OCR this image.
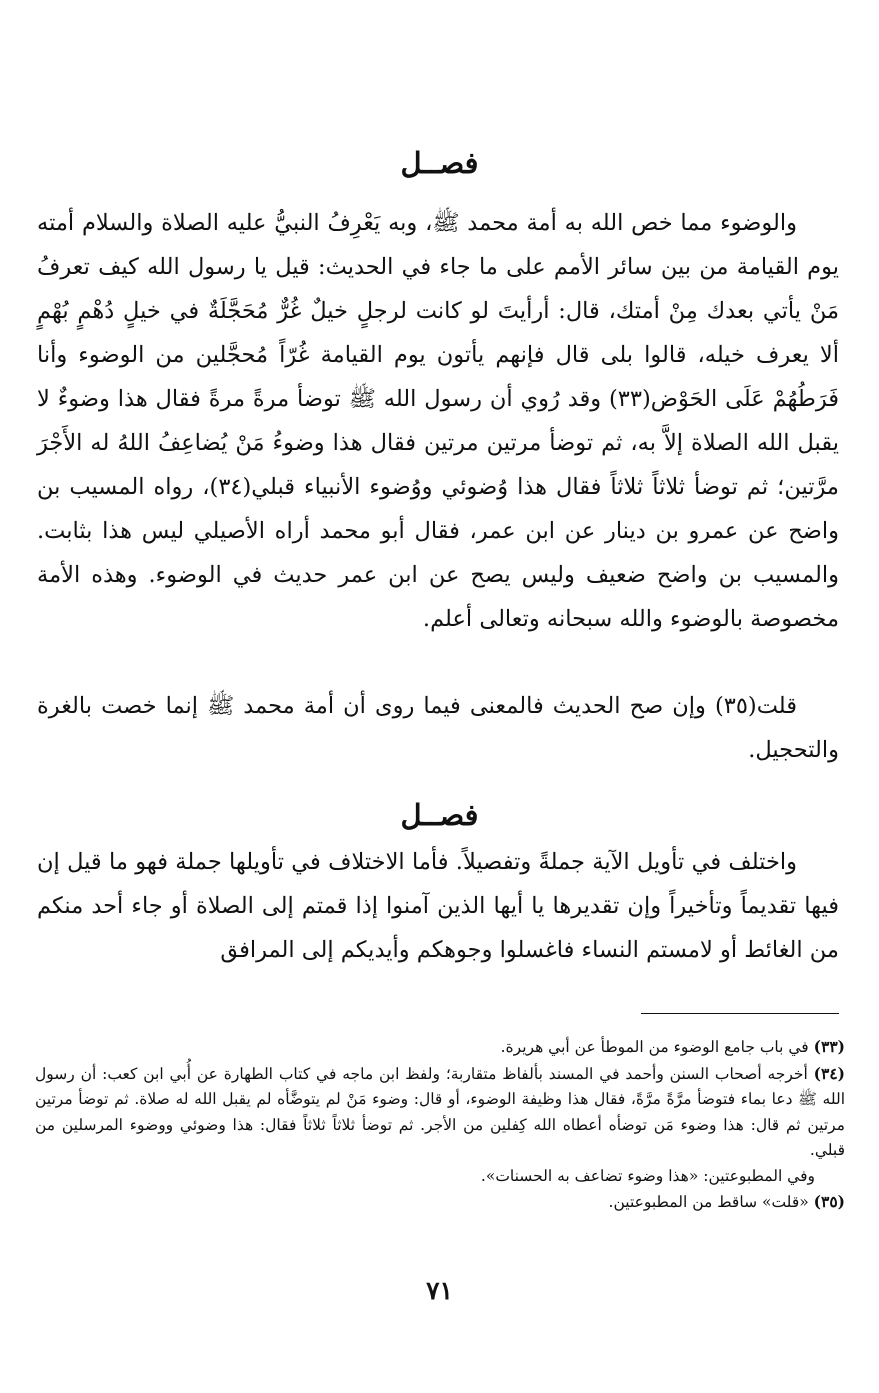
فصــل
والوضوء مما خص الله به أمة محمد ﷺ، وبه يَعْرِفُ النبيُّ عليه الصلاة والسلام أمته يوم القيامة من بين سائر الأمم على ما جاء في الحديث: قيل يا رسول الله كيف تعرفُ مَنْ يأتي بعدك مِنْ أمتك، قال: أرأيتَ لو كانت لرجلٍ خيلٌ غُرٌّ مُحَجَّلَةٌ في خيلٍ دُهْمٍ بُهْمٍ ألا يعرف خيله، قالوا بلى قال فإنهم يأتون يوم القيامة غُرّاً مُحجَّلين من الوضوء وأنا فَرَطُهُمْ عَلَى الحَوْض(٣٣) وقد رُوي أن رسول الله ﷺ توضأ مرةً مرةً فقال هذا وضوءٌ لا يقبل الله الصلاة إلاَّ به، ثم توضأ مرتين مرتين فقال هذا وضوءُ مَنْ يُضاعِفُ اللهُ له الأَجْرَ مرَّتين؛ ثم توضأ ثلاثاً ثلاثاً فقال هذا وُضوئي ووُضوء الأنبياء قبلي(٣٤)، رواه المسيب بن واضح عن عمرو بن دينار عن ابن عمر، فقال أبو محمد أراه الأصيلي ليس هذا بثابت. والمسيب بن واضح ضعيف وليس يصح عن ابن عمر حديث في الوضوء. وهذه الأمة مخصوصة بالوضوء والله سبحانه وتعالى أعلم.
قلت(٣٥) وإن صح الحديث فالمعنى فيما روى أن أمة محمد ﷺ إنما خصت بالغرة والتحجيل.
فصــل
واختلف في تأويل الآية جملةً وتفصيلاً. فأما الاختلاف في تأويلها جملة فهو ما قيل إن فيها تقديماً وتأخيراً وإن تقديرها يا أيها الذين آمنوا إذا قمتم إلى الصلاة أو جاء أحد منكم من الغائط أو لامستم النساء فاغسلوا وجوهكم وأيديكم إلى المرافق

(٣٣) في باب جامع الوضوء من الموطأ عن أبي هريرة.

(٣٤) أخرجه أصحاب السنن وأحمد في المسند بألفاظ متقاربة؛ ولفظ ابن ماجه في كتاب الطهارة عن أُبي ابن كعب: أن رسول الله ﷺ دعا بماء فتوضأ مرَّةً مرَّةً، فقال هذا وظيفة الوضوء، أو قال: وضوء مَنْ لم يتوضَّأه لم يقبل الله له صلاة. ثم توضأ مرتين مرتين ثم قال: هذا وضوء مَن توضأه أعطاه الله كِفلين من الأجر. ثم توضأ ثلاثاً ثلاثاً فقال: هذا وضوئي ووضوء المرسلين من قبلي.

وفي المطبوعتين: «هذا وضوء تضاعف به الحسنات».

(٣٥) «قلت» ساقط من المطبوعتين.

٧١
